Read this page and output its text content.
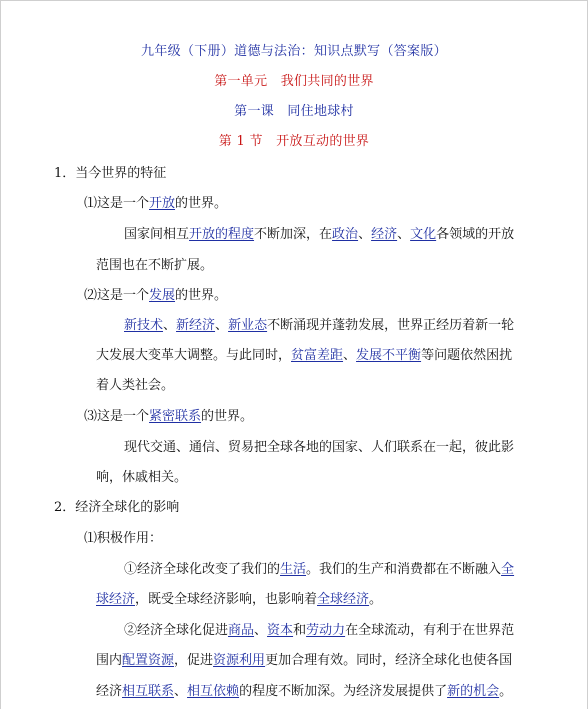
九年级（下册）道德与法治：知识点默写（答案版）
第一单元　我们共同的世界
第一课　同住地球村
第 1 节　开放互动的世界
1．当今世界的特征
⑴这是一个开放的世界。
国家间相互开放的程度不断加深，在政治、经济、文化各领域的开放
范围也在不断扩展。
⑵这是一个发展的世界。
新技术、新经济、新业态不断涌现并蓬勃发展，世界正经历着新一轮
大发展大变革大调整。与此同时，贫富差距、发展不平衡等问题依然困扰
着人类社会。
⑶这是一个紧密联系的世界。
现代交通、通信、贸易把全球各地的国家、人们联系在一起，彼此影
响，休戚相关。
2．经济全球化的影响
⑴积极作用：
①经济全球化改变了我们的生活。我们的生产和消费都在不断融入全
球经济，既受全球经济影响，也影响着全球经济。
②经济全球化促进商品、资本和劳动力在全球流动，有利于在世界范
围内配置资源，促进资源利用更加合理有效。同时，经济全球化也使各国
经济相互联系、相互依赖的程度不断加深。为经济发展提供了新的机会。
